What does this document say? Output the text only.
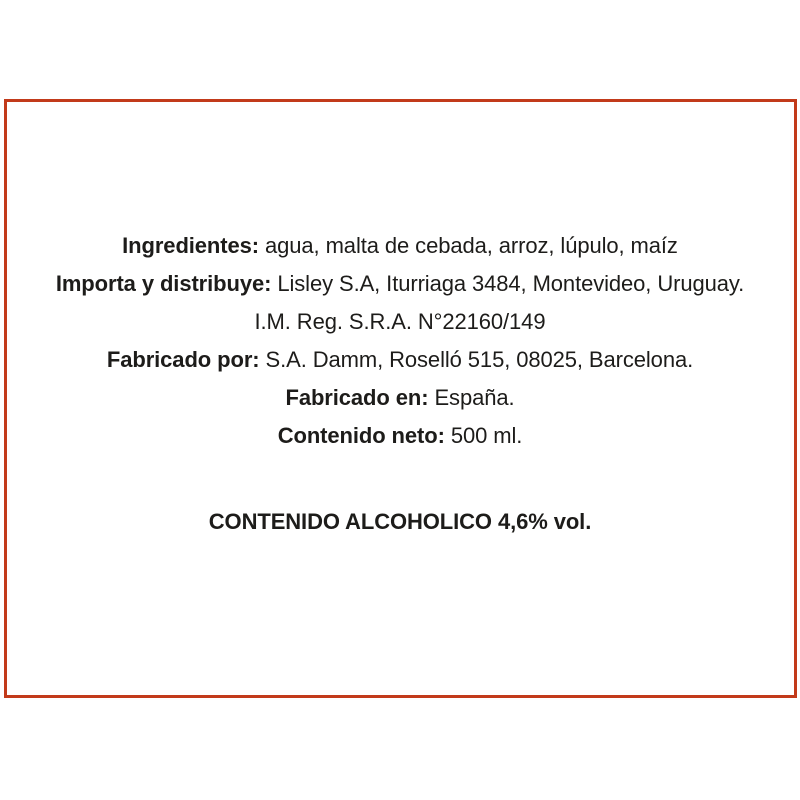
Ingredientes: agua, malta de cebada, arroz, lúpulo, maíz

Importa y distribuye: Lisley S.A, Iturriaga 3484, Montevideo, Uruguay.

I.M. Reg. S.R.A. N°22160/149

Fabricado por: S.A. Damm, Roselló 515, 08025, Barcelona.

Fabricado en: España.

Contenido neto: 500 ml.

CONTENIDO ALCOHOLICO 4,6% vol.
